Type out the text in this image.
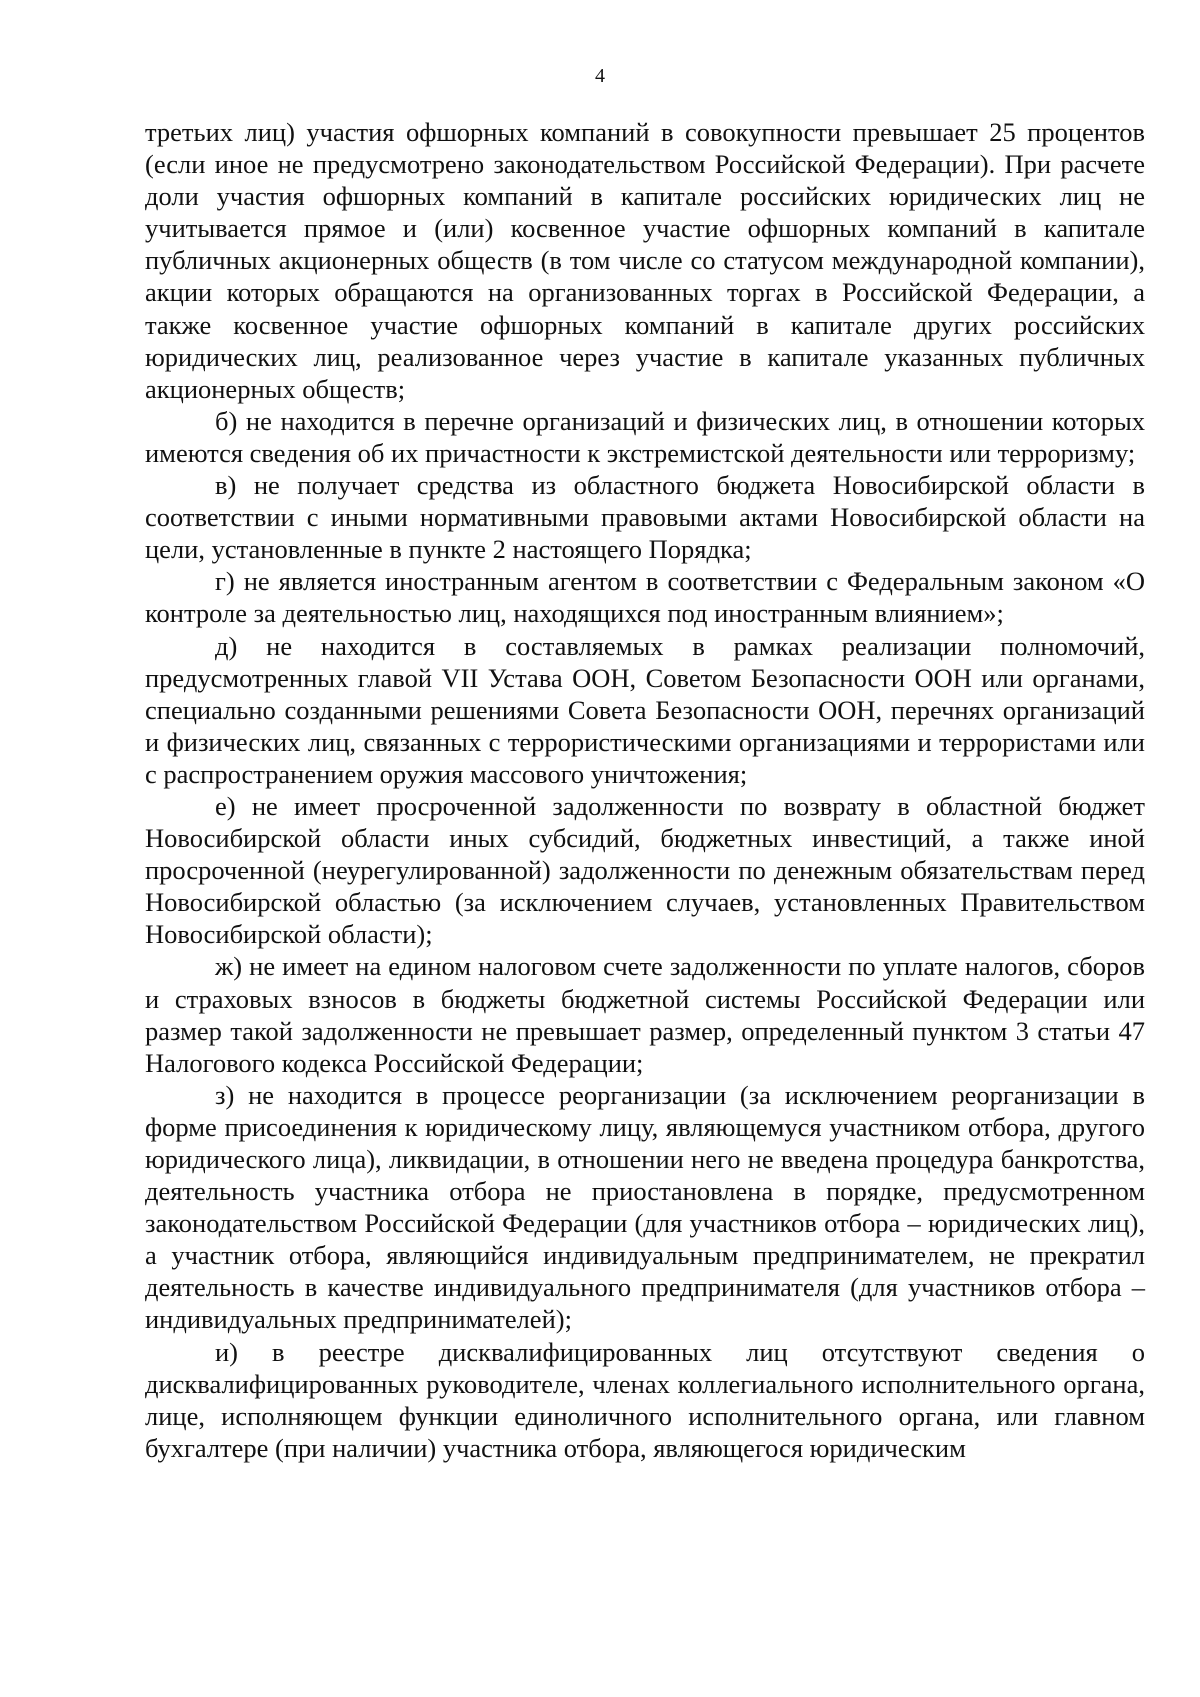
4

третьих лиц) участия офшорных компаний в совокупности превышает 25 процентов (если иное не предусмотрено законодательством Российской Федерации). При расчете доли участия офшорных компаний в капитале российских юридических лиц не учитывается прямое и (или) косвенное участие офшорных компаний в капитале публичных акционерных обществ (в том числе со статусом международной компании), акции которых обращаются на организованных торгах в Российской Федерации, а также косвенное участие офшорных компаний в капитале других российских юридических лиц, реализованное через участие в капитале указанных публичных акционерных обществ;

б) не находится в перечне организаций и физических лиц, в отношении которых имеются сведения об их причастности к экстремистской деятельности или терроризму;

в) не получает средства из областного бюджета Новосибирской области в соответствии с иными нормативными правовыми актами Новосибирской области на цели, установленные в пункте 2 настоящего Порядка;

г) не является иностранным агентом в соответствии с Федеральным законом «О контроле за деятельностью лиц, находящихся под иностранным влиянием»;

д) не находится в составляемых в рамках реализации полномочий, предусмотренных главой VII Устава ООН, Советом Безопасности ООН или органами, специально созданными решениями Совета Безопасности ООН, перечнях организаций и физических лиц, связанных с террористическими организациями и террористами или с распространением оружия массового уничтожения;

е) не имеет просроченной задолженности по возврату в областной бюджет Новосибирской области иных субсидий, бюджетных инвестиций, а также иной просроченной (неурегулированной) задолженности по денежным обязательствам перед Новосибирской областью (за исключением случаев, установленных Правительством Новосибирской области);

ж) не имеет на едином налоговом счете задолженности по уплате налогов, сборов и страховых взносов в бюджеты бюджетной системы Российской Федерации или размер такой задолженности не превышает размер, определенный пунктом 3 статьи 47 Налогового кодекса Российской Федерации;

з) не находится в процессе реорганизации (за исключением реорганизации в форме присоединения к юридическому лицу, являющемуся участником отбора, другого юридического лица), ликвидации, в отношении него не введена процедура банкротства, деятельность участника отбора не приостановлена в порядке, предусмотренном законодательством Российской Федерации (для участников отбора – юридических лиц), а участник отбора, являющийся индивидуальным предпринимателем, не прекратил деятельность в качестве индивидуального предпринимателя (для участников отбора – индивидуальных предпринимателей);

и) в реестре дисквалифицированных лиц отсутствуют сведения о дисквалифицированных руководителе, членах коллегиального исполнительного органа, лице, исполняющем функции единоличного исполнительного органа, или главном бухгалтере (при наличии) участника отбора, являющегося юридическим
